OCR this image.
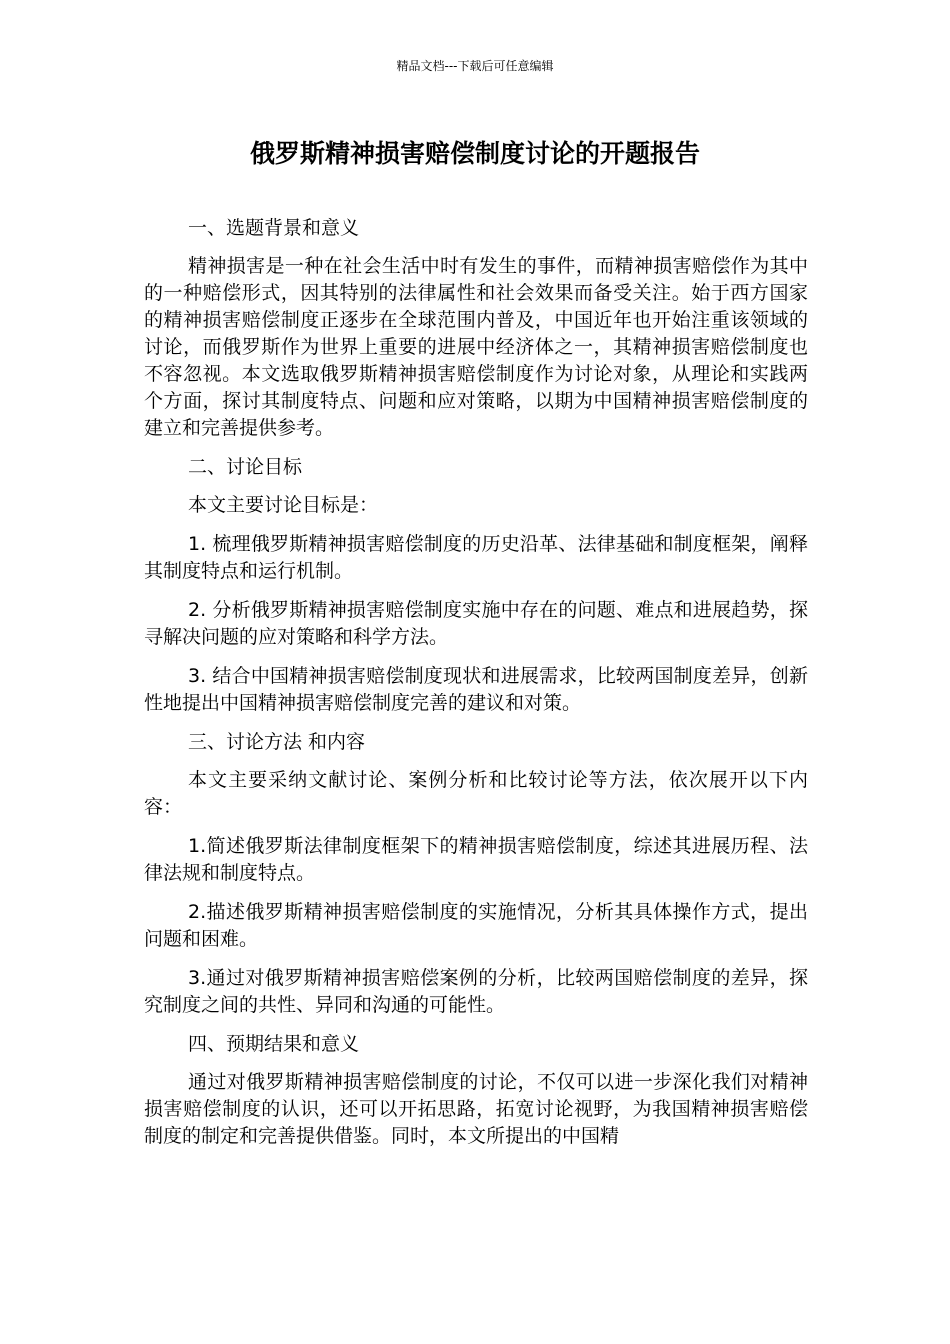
精品文档---下载后可任意编辑
俄罗斯精神损害赔偿制度讨论的开题报告
一、选题背景和意义

精神损害是一种在社会生活中时有发生的事件，而精神损害赔偿作为其中的一种赔偿形式，因其特别的法律属性和社会效果而备受关注。始于西方国家的精神损害赔偿制度正逐步在全球范围内普及，中国近年也开始注重该领域的讨论，而俄罗斯作为世界上重要的进展中经济体之一，其精神损害赔偿制度也不容忽视。本文选取俄罗斯精神损害赔偿制度作为讨论对象，从理论和实践两个方面，探讨其制度特点、问题和应对策略，以期为中国精神损害赔偿制度的建立和完善提供参考。

二、讨论目标

本文主要讨论目标是：

1. 梳理俄罗斯精神损害赔偿制度的历史沿革、法律基础和制度框架，阐释其制度特点和运行机制。

2. 分析俄罗斯精神损害赔偿制度实施中存在的问题、难点和进展趋势，探寻解决问题的应对策略和科学方法。

3. 结合中国精神损害赔偿制度现状和进展需求，比较两国制度差异，创新性地提出中国精神损害赔偿制度完善的建议和对策。

三、讨论方法 和内容

本文主要采纳文献讨论、案例分析和比较讨论等方法，依次展开以下内容：

1.简述俄罗斯法律制度框架下的精神损害赔偿制度，综述其进展历程、法律法规和制度特点。

2.描述俄罗斯精神损害赔偿制度的实施情况，分析其具体操作方式，提出问题和困难。

3.通过对俄罗斯精神损害赔偿案例的分析，比较两国赔偿制度的差异，探究制度之间的共性、异同和沟通的可能性。

四、预期结果和意义

通过对俄罗斯精神损害赔偿制度的讨论，不仅可以进一步深化我们对精神损害赔偿制度的认识，还可以开拓思路，拓宽讨论视野，为我国精神损害赔偿制度的制定和完善提供借鉴。同时，本文所提出的中国精
